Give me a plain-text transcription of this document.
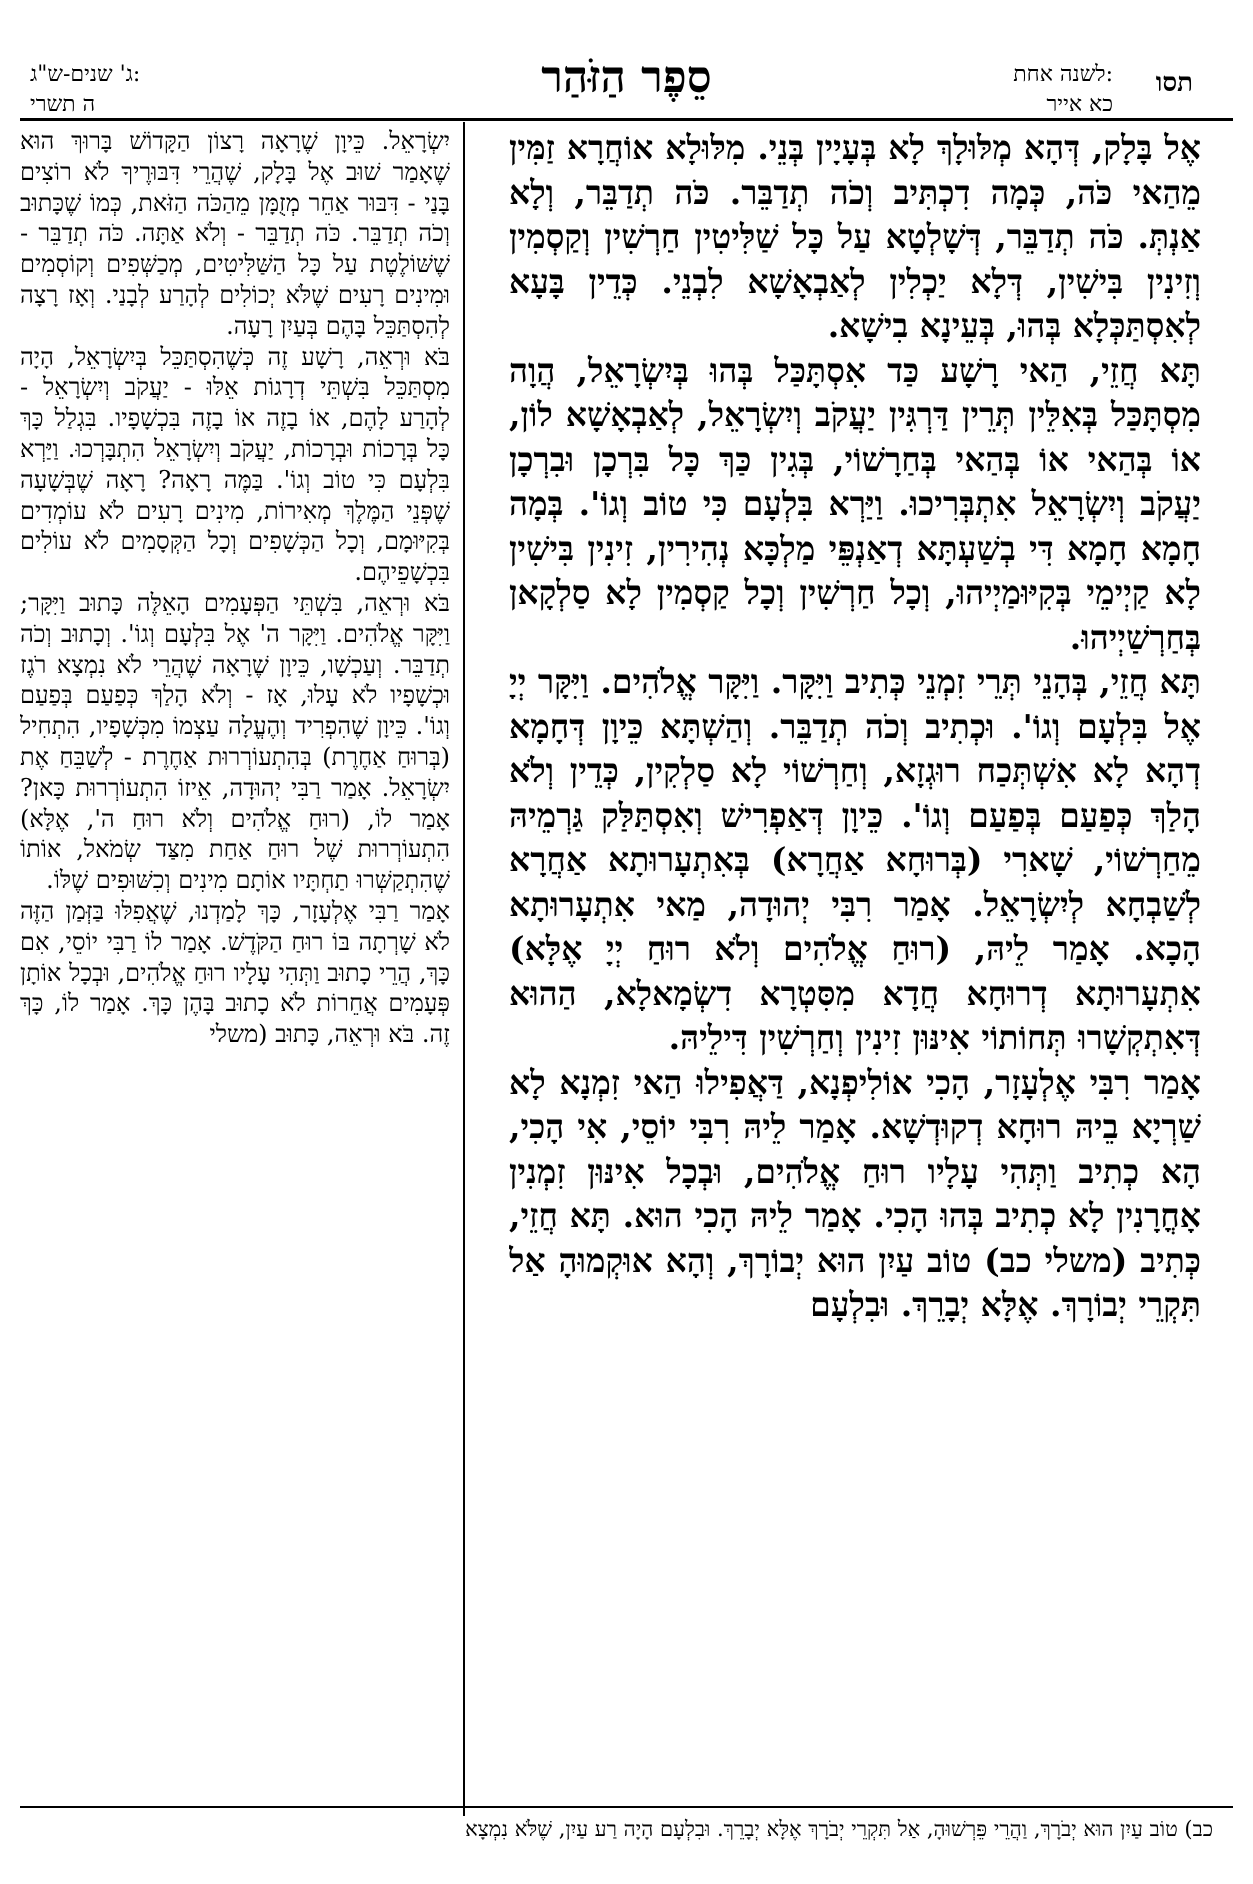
תסו
לשנה אחת:
כא אייר
סֵפֶר הַזֹּהַר
ג' שנים-ש"ג:
ה תשרי

אֶל בָּלָק, דְּהָא מְלּוּלָךְ לָא בְּעָיָין בְּנֵי. מִלּוּלָא אוֹחֲרָא זַמִּין מֵהַאי כֹּה, כְּמָה דִכְתִּיב וְכֹה תְדַבֵּר. כֹּה תְדַבֵּר, וְלָא אַנְתְּ. כֹּה תְדַבֵּר, דְּשָׁלְטָא עַל כָּל שַׁלִּיטִין חַרְשִׁין וְקַסְמִין וְזִינִין בִּישִׁין, דְּלָא יַכְלִין לְאַבְאָשָׁא לִבְנֵי. כְּדֵין בָּעָא לְאִסְתַּכְּלָא בְּהוּ, בְּעֵינָא בִישָׁא.

תָּא חֲזֵי, הַאי רָשָׁע כַּד אִסְתָּכַּל בְּהוּ בְּיִשְׂרָאֵל, הֲוָה מִסְתָּכַּל בְּאִלֵּין תְּרֵין דַּרְגִּין יַעֲקֹב וְיִשְׂרָאֵל, לְאַבְאָשָׁא לוֹן, אוֹ בְּהַאי אוֹ בְּהַאי בְּחַרָשׁוֹי, בְּגִין כַּךְ כָּל בִּרְכָן וּבִרְכָן יַעֲקֹב וְיִשְׂרָאֵל אִתְבְּרִיכוּ. וַיַּרְא בִּלְעָם כִּי טוֹב וְגוֹ'. בְּמָה חָמָא חָמָא דִּי בְשַׁעְתָּא דְאַנְפֵּי מַלְכָּא נְהִירִין, זִינִין בִּישִׁין לָא קַיְימֵי בְּקִיּוּמַיְיהוּ, וְכָל חַרְשִׁין וְכָל קַסְמִין לָא סַלְקָאן בְּחַרְשַׁיְיהוּ.

תָּא חֲזֵי, בְּהָנֵי תְּרֵי זִמְנֵי כְּתִיב וַיִּקָּר. וַיִּקָּר אֱלֹהִים. וַיִּקָּר יְיָ אֶל בִּלְעָם וְגוֹ'. וּכְתִיב וְכֹה תְדַבֵּר. וְהַשְׁתָּא כֵּיוָן דְּחָמָא דְהָא לָא אִשְׁתְּכַח רוּגְזָא, וְחַרְשׁוֹי לָא סַלְקִין, כְּדֵין וְלֹא הָלַךְ כְּפַעַם בְּפַעַם וְגוֹ'. כֵּיוָן דְּאַפְרִישׁ וְאִסְתַּלַּק גַּרְמֵיהּ מֵחַרְשׁוֹי, שָׁארִי (בְּרוּחָא אַחֲרָא) בְּאִתְעָרוּתָא אַחֲרָא לְשַׁבְחָא לְיִשְׂרָאֵל. אָמַר רִבִּי יְהוּדָה, מַאי אִתְעָרוּתָא הָכָא. אָמַר לֵיהּ, (רוּחַ אֱלֹהִים וְלֹא רוּחַ יְיָ אֶלָּא) אִתְעָרוּתָא דְרוּחָא חֲדָא מִסִּטְרָא דִשְׂמָאלָא, הַהוּא דְּאִתְקְשָׁרוּ תְּחוֹתוֹי אִינּוּן זִינִין וְחַרְשִׁין דִּילֵיהּ.

אָמַר רִבִּי אֶלְעָזָר, הָכִי אוֹלִיפְנָא, דַּאֲפִילוּ הַאי זִמְנָא לָא שַׁרְיָא בֵיהּ רוּחָא דְקוּדְשָׁא. אָמַר לֵיהּ רִבִּי יוֹסֵי, אִי הָכִי, הָא כְתִיב וַתְּהִי עָלָיו רוּחַ אֱלֹהִים, וּבְכָל אִינּוּן זִמְנִין אָחֳרָנִין לָא כְתִיב בְּהוּ הָכִי. אָמַר לֵיהּ הָכִי הוּא. תָּא חֲזֵי, כְּתִיב (משלי כב) טוֹב עַיִן הוּא יְבוֹרָךְ, וְהָא אוּקְמוּהָ אַל תִּקְרֵי יְבוֹרָךְ. אֶלָּא יְבָרֵךְ. וּבִלְעָם

יִשְׂרָאֵל. כֵּיוָן שֶׁרָאָה רָצוֹן הַקָּדוֹשׁ בָּרוּךְ הוּא שֶׁאָמַר שׁוּב אֶל בָּלָק, שֶׁהֲרֵי דִּבּוּרֶיךָ לֹא רוֹצִים בָּנַי - דִּבּוּר אַחֵר מְזֻמָּן מֵהַכֹּה הַזֹּאת, כְּמוֹ שֶׁכָּתוּב וְכֹה תְדַבֵּר. כֹּה תְדַבֵּר - וְלֹא אַתָּה. כֹּה תְדַבֵּר - שֶׁשּׁוֹלֶטֶת עַל כָּל הַשַּׁלִּיטִים, מְכַשְּׁפִים וְקוֹסְמִים וּמִינִים רָעִים שֶׁלֹּא יְכוֹלִים לְהָרַע לְבָנַי. וְאָז רָצָה לְהִסְתַּכֵּל בָּהֶם בְּעַיִן רָעָה.

בֹּא וּרְאֵה, רָשָׁע זֶה כְּשֶׁהִסְתַּכֵּל בְּיִשְׂרָאֵל, הָיָה מִסְתַּכֵּל בִּשְׁתֵּי דְרָגוֹת אֵלּוּ - יַעֲקֹב וְיִשְׂרָאֵל - לְהָרַע לָהֶם, אוֹ בָזֶה אוֹ בָזֶה בִּכְשָׁפָיו. בִּגְלַל כָּךְ כָּל בְּרָכוֹת וּבְרָכוֹת, יַעֲקֹב וְיִשְׂרָאֵל הִתְבָּרְכוּ. וַיַּרְא בִּלְעָם כִּי טוֹב וְגוֹ'. בַּמֶּה רָאָה? רָאָה שֶׁבְּשָׁעָה שֶׁפְּנֵי הַמֶּלֶךְ מְאִירוֹת, מִינִים רָעִים לֹא עוֹמְדִים בְּקִיּוּמָם, וְכָל הַכְּשָׁפִים וְכָל הַקְּסָמִים לֹא עוֹלִים בִּכְשָׁפֵיהֶם.

בֹּא וּרְאֵה, בִּשְׁתֵּי הַפְּעָמִים הָאֵלֶּה כָּתוּב וַיִּקָּר; וַיִּקָּר אֱלֹהִים. וַיִּקָּר ה' אֶל בִּלְעָם וְגוֹ'. וְכָתוּב וְכֹה תְדַבֵּר. וְעַכְשָׁו, כֵּיוָן שֶׁרָאָה שֶׁהֲרֵי לֹא נִמְצָא רֹגֶז וּכְשָׁפָיו לֹא עָלוּ, אָז - וְלֹא הָלַךְ כְּפַעַם בְּפַעַם וְגוֹ'. כֵּיוָן שֶׁהִפְרִיד וְהֶעֱלָה עַצְמוֹ מִכְּשָׁפָיו, הִתְחִיל (בְּרוּחַ אַחֶרֶת) בְּהִתְעוֹרְרוּת אַחֶרֶת - לְשַׁבֵּחַ אֶת יִשְׂרָאֵל. אָמַר רַבִּי יְהוּדָה, אֵיזוֹ הִתְעוֹרְרוּת כָּאן? אָמַר לוֹ, (רוּחַ אֱלֹהִים וְלֹא רוּחַ ה', אֶלָּא) הִתְעוֹרְרוּת שֶׁל רוּחַ אַחַת מִצַּד שְׂמֹאל, אוֹתוֹ שֶׁהִתְקַשְּׁרוּ תַחְתָּיו אוֹתָם מִינִים וְכִשּׁוּפִים שֶׁלּוֹ.

אָמַר רַבִּי אֶלְעָזָר, כָּךְ לָמַדְנוּ, שֶׁאֲפִלּוּ בַּזְּמַן הַזֶּה לֹא שָׁרְתָה בּוֹ רוּחַ הַקֹּדֶשׁ. אָמַר לוֹ רַבִּי יוֹסֵי, אִם כָּךְ, הֲרֵי כָתוּב וַתְּהִי עָלָיו רוּחַ אֱלֹהִים, וּבְכָל אוֹתָן פְּעָמִים אֲחֵרוֹת לֹא כָתוּב בָּהֶן כָּךְ. אָמַר לוֹ, כָּךְ זֶה. בֹּא וּרְאֵה, כָּתוּב (משלי

כב) טוֹב עַיִן הוּא יְבֹרָךְ, וַהֲרֵי פֵּרְשׁוּהָ, אַל תִּקְרֵי יְבֹרָךְ אֶלָּא יְבָרֵךְ. וּבִלְעָם הָיָה רַע עַיִן, שֶׁלֹּא נִמְצָא
